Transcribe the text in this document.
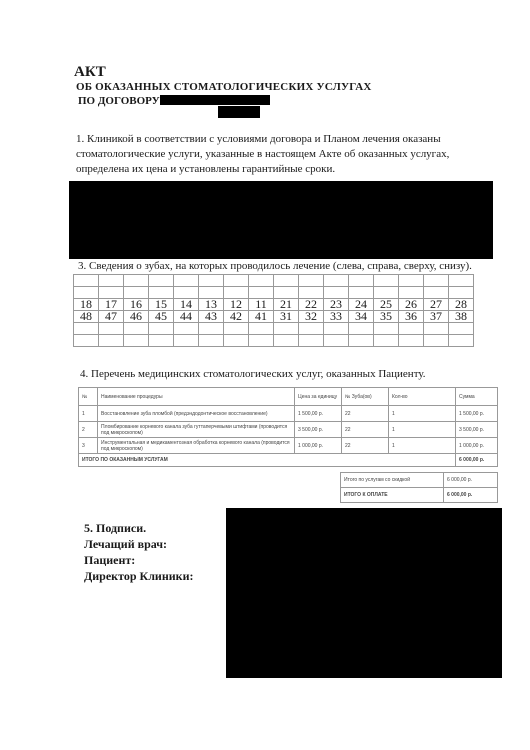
АКТ
ОБ ОКАЗАННЫХ СТОМАТОЛОГИЧЕСКИХ УСЛУГАХ
ПО ДОГОВОРУ
1. Клиникой в соответствии с условиями договора и Планом лечения оказаны стоматологические услуги, указанные в настоящем Акте об оказанных услугах, определена их цена и установлены гарантийные сроки.
3. Сведения о зубах, на которых проводилось лечение (слева, справа, сверху, снизу).

18	17	16	15	14	13	12	11	21	22	23	24	25	26	27	28
48	47	46	45	44	43	42	41	31	32	33	34	35	36	37	38

4. Перечень медицинских стоматологических услуг, оказанных Пациенту.
№	Наименование процедуры	Цена за единицу	№ Зуба(ов)	Кол-во	Сумма
1	Восстановление зуба пломбой (предэндодонтическое восстановление)	1 500,00 р.	22	1	1 500,00 р.
2	Пломбирование корневого канала зуба гуттаперчевыми штифтами (проводится под микроскопом)	3 500,00 р.	22	1	3 500,00 р.
3	Инструментальная и медикаментозная обработка корневого канала (проводится под микроскопом)	1 000,00 р.	22	1	1 000,00 р.
ИТОГО ПО ОКАЗАННЫМ УСЛУГАМ					6 000,00 р.
Итого по услугам со скидкой	6 000,00 р.
ИТОГО К ОПЛАТЕ	6 000,00 р.
5. Подписи.
Лечащий врач:
Пациент:
Директор Клиники:
